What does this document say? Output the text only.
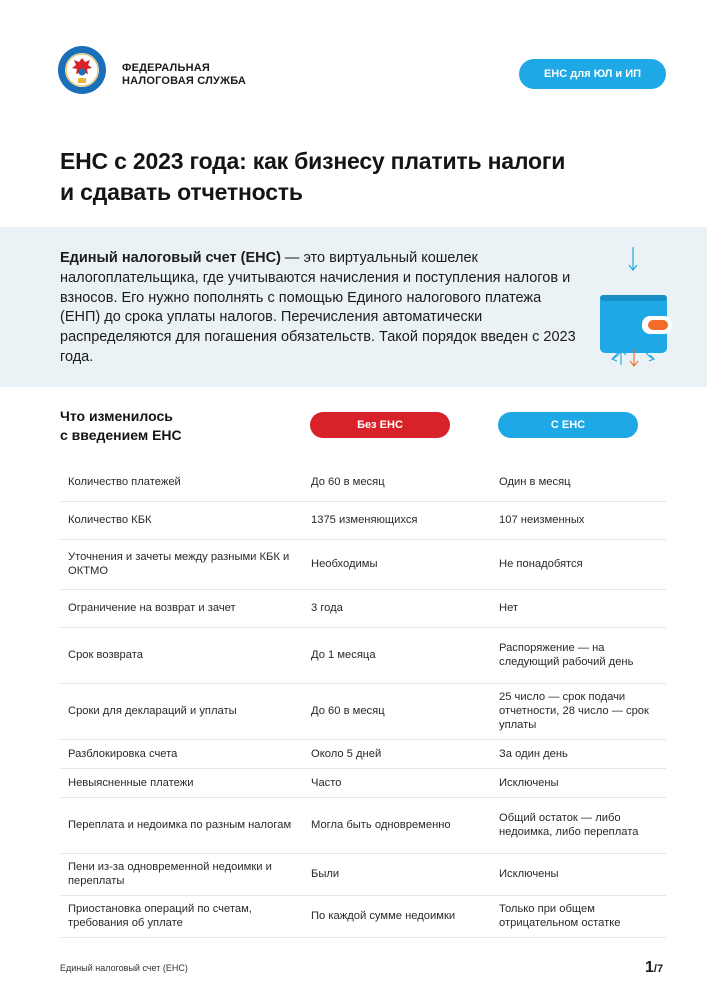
ФЕДЕРАЛЬНАЯ
НАЛОГОВАЯ СЛУЖБА
ЕНС для ЮЛ и ИП
ЕНС с 2023 года: как бизнесу платить налоги
и сдавать отчетность

Единый налоговый счет (ЕНС) — это виртуальный кошелек налогоплательщика, где учитываются начисления и поступления налогов и взносов. Его нужно пополнять с помощью Единого налогового платежа (ЕНП) до срока уплаты налогов. Перечисления автоматически распределяются для погашения обязательств. Такой порядок введен с 2023 года.

Что изменилось
с введением ЕНС
Без ЕНС	С ЕНС
Количество платежей	До 60 в месяц	Один в месяц
Количество КБК	1375 изменяющихся	107 неизменных
Уточнения и зачеты между разными КБК и ОКТМО	Необходимы	Не понадобятся
Ограничение на возврат и зачет	3 года	Нет
Срок возврата	До 1 месяца	Распоряжение — на следующий рабочий день
Сроки для деклараций и уплаты	До 60 в месяц	25 число — срок подачи отчетности, 28 число — срок уплаты
Разблокировка счета	Около 5 дней	За один день
Невыясненные платежи	Часто	Исключены
Переплата и недоимка по разным налогам	Могла быть одновременно	Общий остаток — либо недоимка, либо переплата
Пени из-за одновременной недоимки и переплаты	Были	Исключены
Приостановка операций по счетам, требования об уплате	По каждой сумме недоимки	Только при общем отрицательном остатке
Единый налоговый счет (ЕНС)	1/7
